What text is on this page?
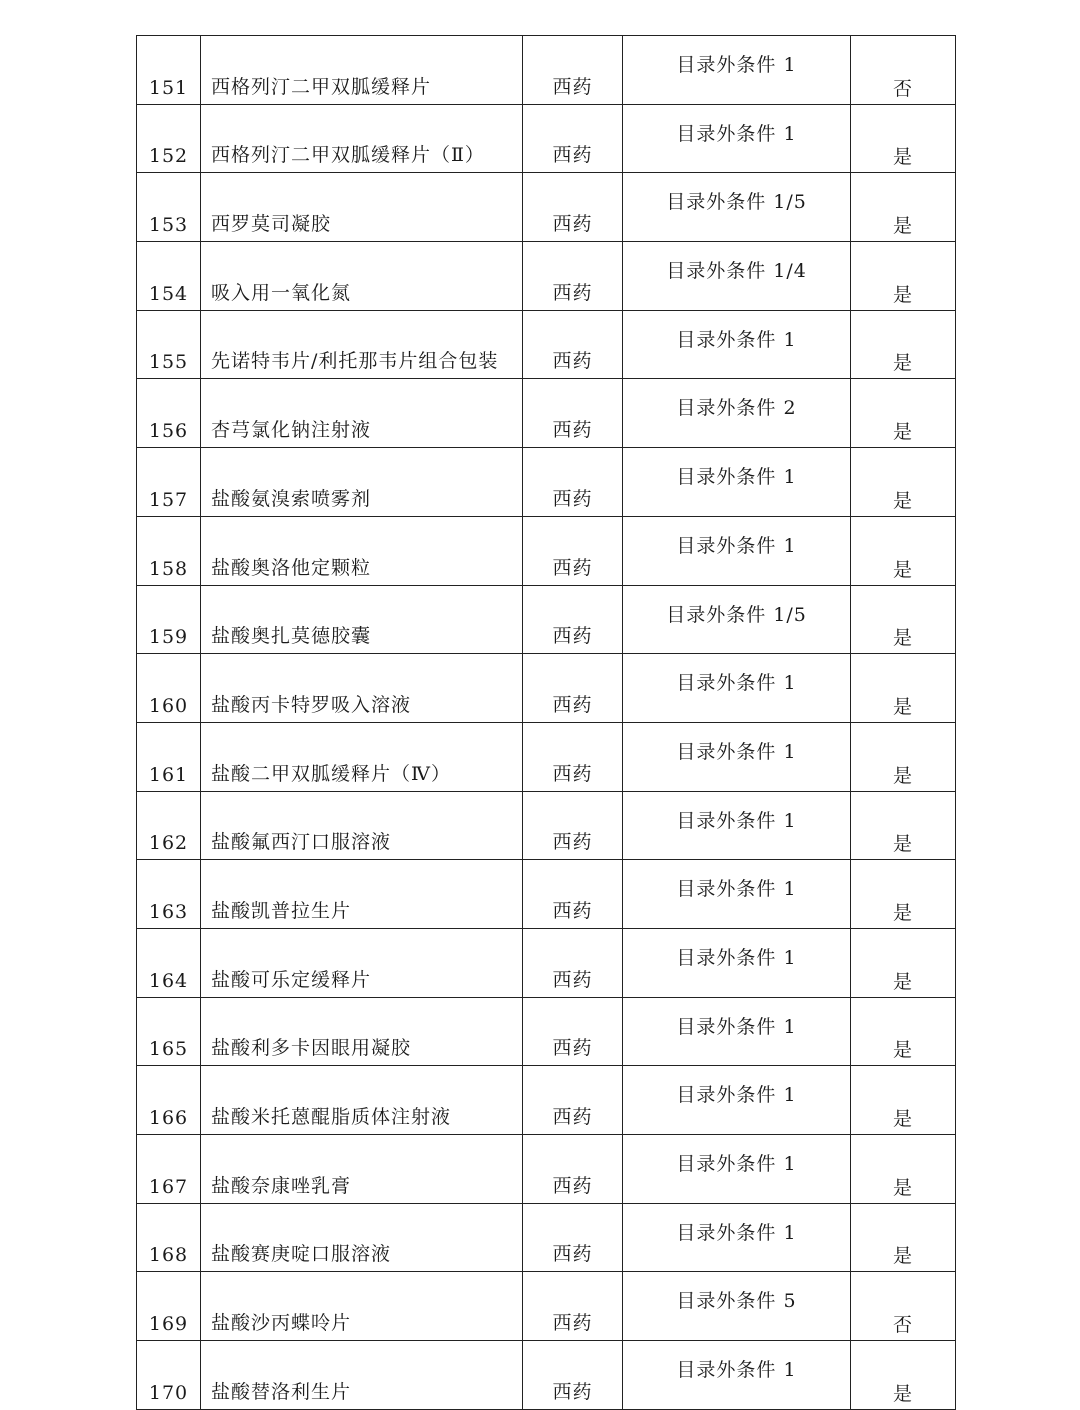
151	西格列汀二甲双胍缓释片	西药	目录外条件 1	否
152	西格列汀二甲双胍缓释片（Ⅱ）	西药	目录外条件 1	是
153	西罗莫司凝胶	西药	目录外条件 1/5	是
154	吸入用一氧化氮	西药	目录外条件 1/4	是
155	先诺特韦片/利托那韦片组合包装	西药	目录外条件 1	是
156	杏芎氯化钠注射液	西药	目录外条件 2	是
157	盐酸氨溴索喷雾剂	西药	目录外条件 1	是
158	盐酸奥洛他定颗粒	西药	目录外条件 1	是
159	盐酸奥扎莫德胶囊	西药	目录外条件 1/5	是
160	盐酸丙卡特罗吸入溶液	西药	目录外条件 1	是
161	盐酸二甲双胍缓释片（Ⅳ）	西药	目录外条件 1	是
162	盐酸氟西汀口服溶液	西药	目录外条件 1	是
163	盐酸凯普拉生片	西药	目录外条件 1	是
164	盐酸可乐定缓释片	西药	目录外条件 1	是
165	盐酸利多卡因眼用凝胶	西药	目录外条件 1	是
166	盐酸米托蒽醌脂质体注射液	西药	目录外条件 1	是
167	盐酸奈康唑乳膏	西药	目录外条件 1	是
168	盐酸赛庚啶口服溶液	西药	目录外条件 1	是
169	盐酸沙丙蝶呤片	西药	目录外条件 5	否
170	盐酸替洛利生片	西药	目录外条件 1	是
